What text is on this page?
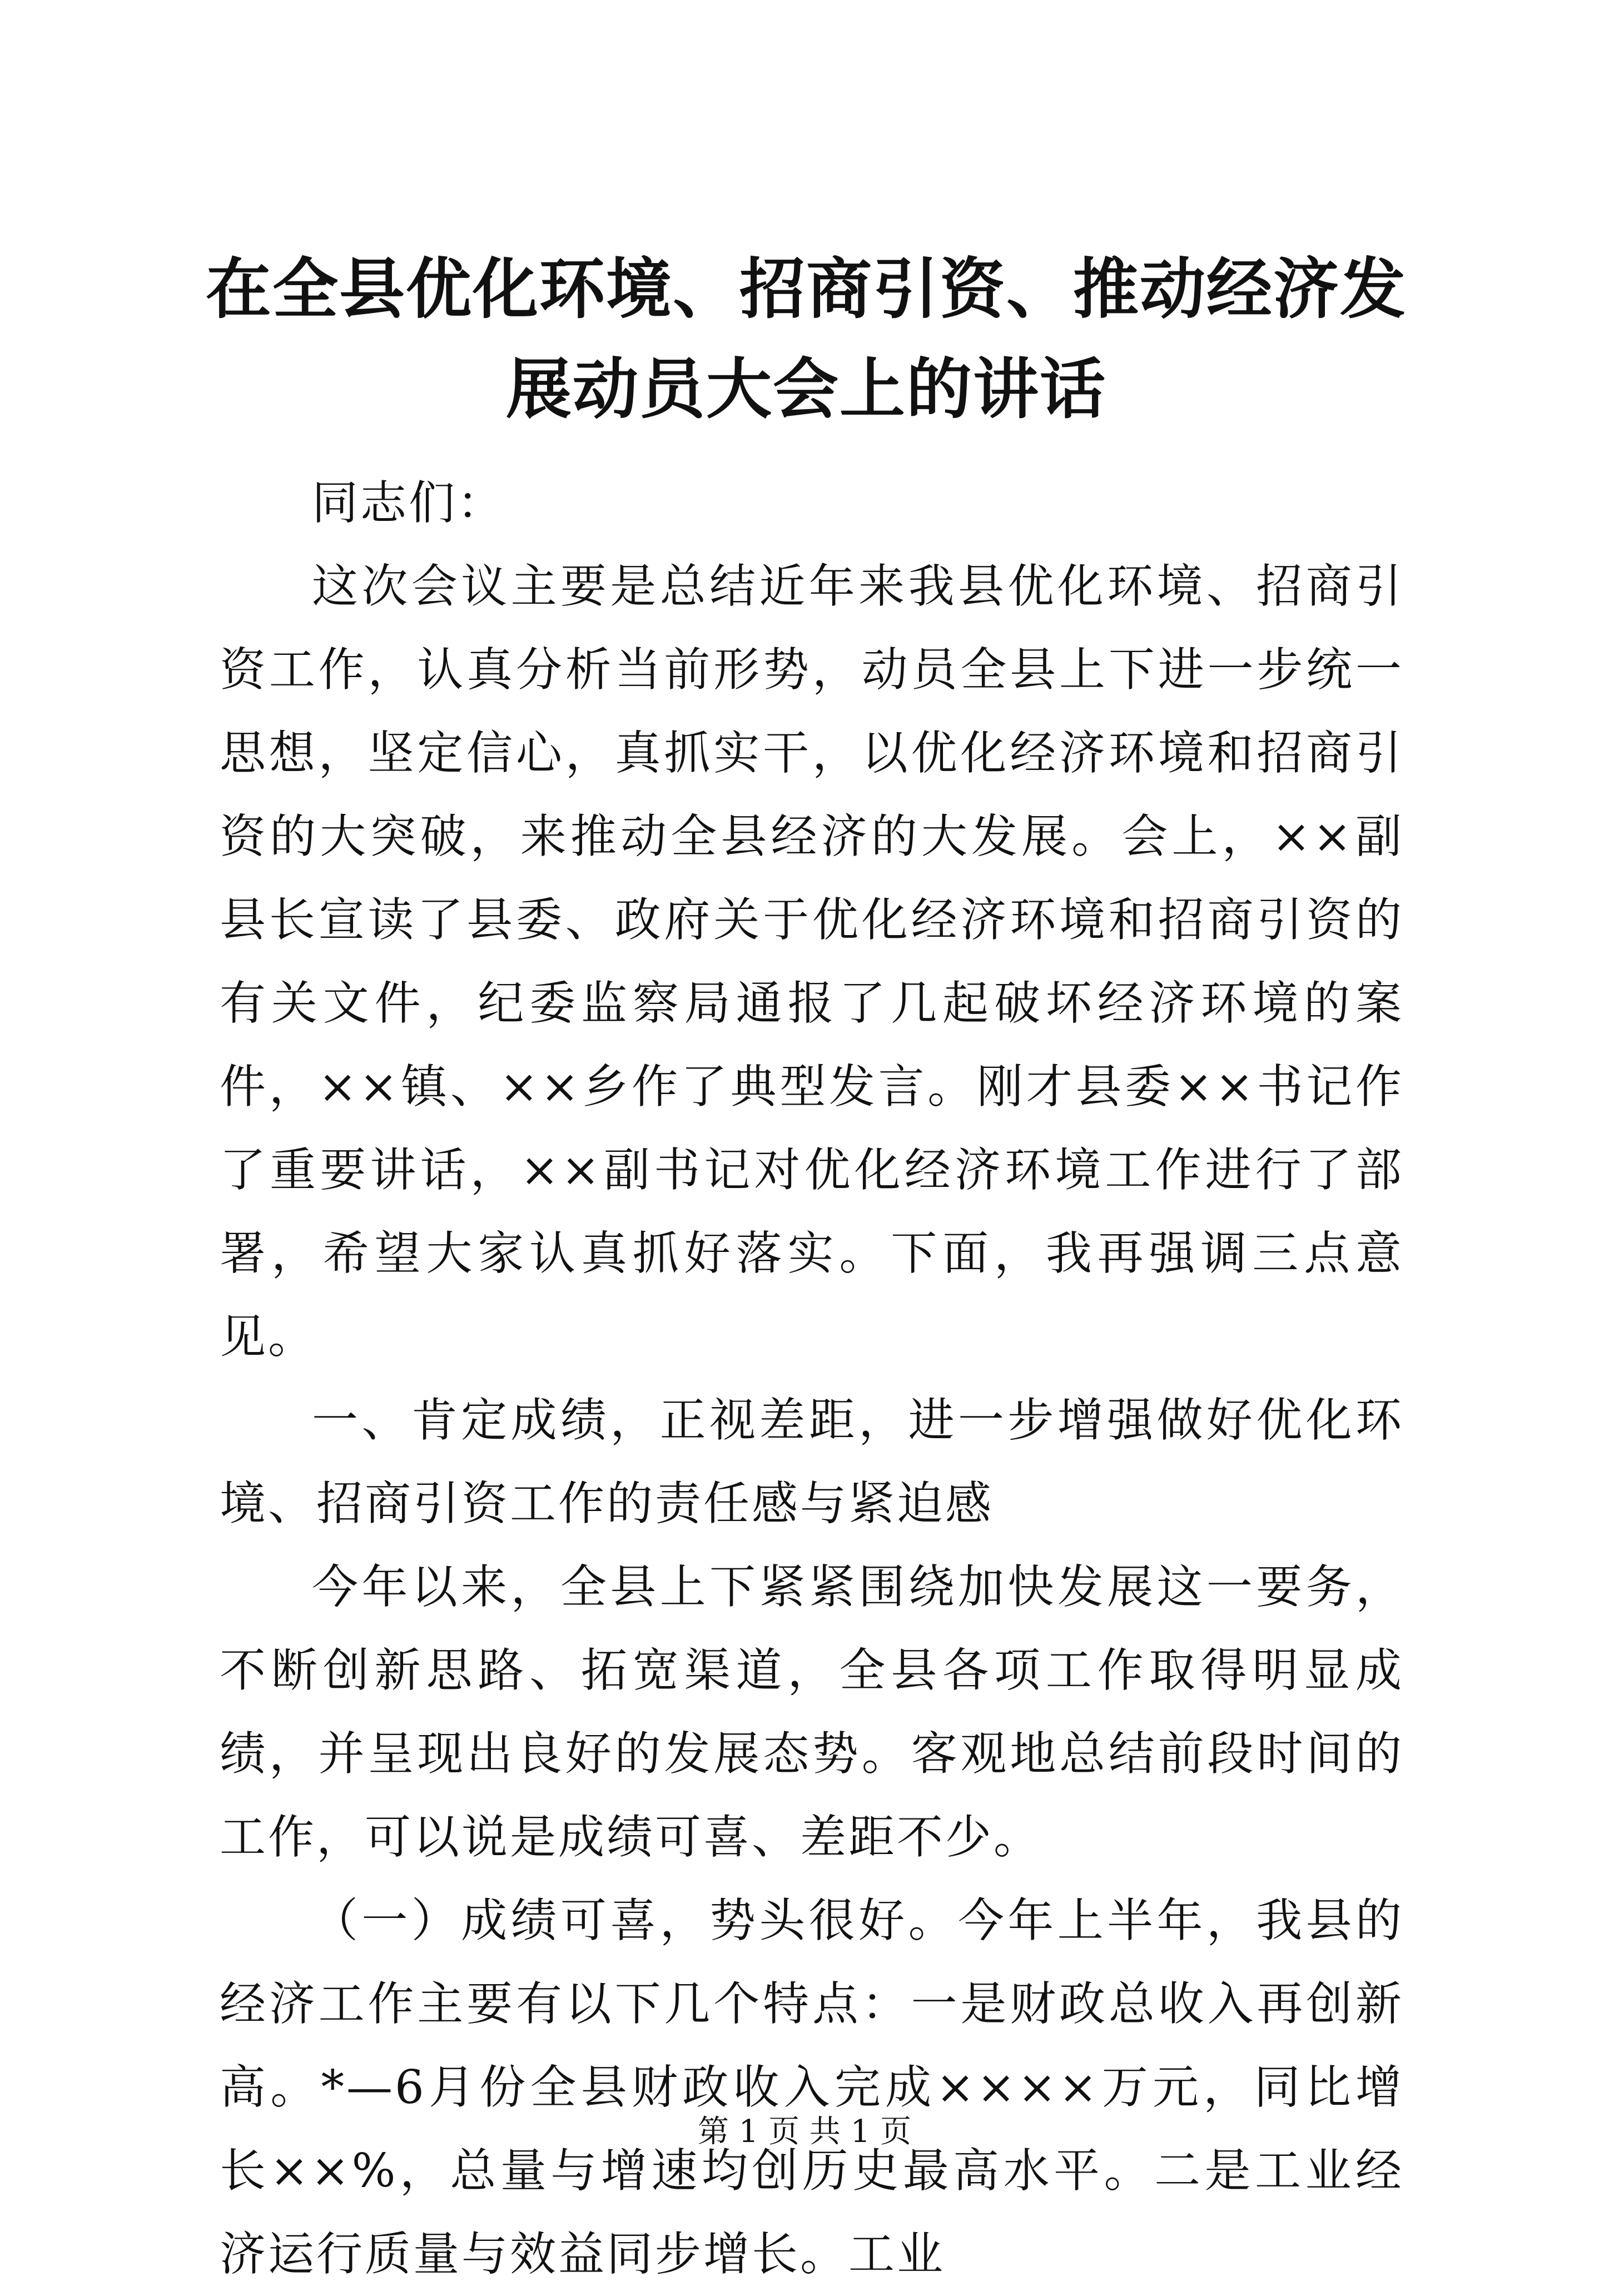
在全县优化环境、招商引资、推动经济发展动员大会上的讲话

同志们：

这次会议主要是总结近年来我县优化环境、招商引资工作，认真分析当前形势，动员全县上下进一步统一思想，坚定信心，真抓实干，以优化经济环境和招商引资的大突破，来推动全县经济的大发展。会上，××副县长宣读了县委、政府关于优化经济环境和招商引资的有关文件，纪委监察局通报了几起破坏经济环境的案件，××镇、××乡作了典型发言。刚才县委××书记作了重要讲话，××副书记对优化经济环境工作进行了部署，希望大家认真抓好落实。下面，我再强调三点意见。

一、肯定成绩，正视差距，进一步增强做好优化环境、招商引资工作的责任感与紧迫感

今年以来，全县上下紧紧围绕加快发展这一要务，不断创新思路、拓宽渠道，全县各项工作取得明显成绩，并呈现出良好的发展态势。客观地总结前段时间的工作，可以说是成绩可喜、差距不少。

（一）成绩可喜，势头很好。今年上半年，我县的经济工作主要有以下几个特点：一是财政总收入再创新高。*—6月份全县财政收入完成××××万元，同比增长××%，总量与增速均创历史最高水平。二是工业经济运行质量与效益同步增长。工业

第 1 页 共 1 页
